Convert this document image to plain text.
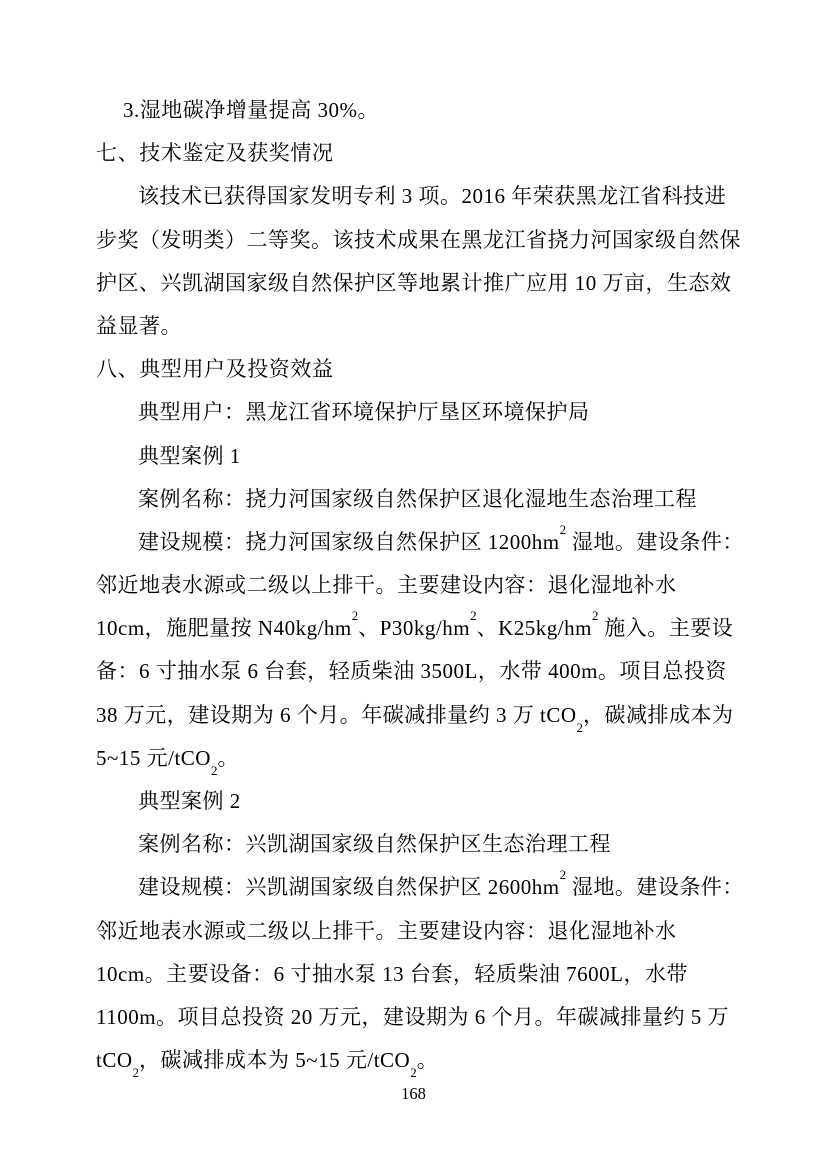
3.湿地碳净增量提高 30%。
七、技术鉴定及获奖情况
该技术已获得国家发明专利 3 项。2016 年荣获黑龙江省科技进
步奖（发明类）二等奖。该技术成果在黑龙江省挠力河国家级自然保
护区、兴凯湖国家级自然保护区等地累计推广应用 10 万亩，生态效
益显著。
八、典型用户及投资效益
典型用户：黑龙江省环境保护厅垦区环境保护局
典型案例 1
案例名称：挠力河国家级自然保护区退化湿地生态治理工程
建设规模：挠力河国家级自然保护区 $1200hm^2$ 湿地。建设条件：
邻近地表水源或二级以上排干。主要建设内容：退化湿地补水
10cm，施肥量按 $N40kg/hm^2$、$P30kg/hm^2$、$K25kg/hm^2$ 施入。主要设
备：6 寸抽水泵 6 台套，轻质柴油 3500L，水带 400m。项目总投资
38 万元，建设期为 6 个月。年碳减排量约 3 万 tCO$_2$，碳减排成本为
5~15 元/tCO$_2$。
典型案例 2
案例名称：兴凯湖国家级自然保护区生态治理工程
建设规模：兴凯湖国家级自然保护区 $2600hm^2$ 湿地。建设条件：
邻近地表水源或二级以上排干。主要建设内容：退化湿地补水
10cm。主要设备：6 寸抽水泵 13 台套，轻质柴油 7600L，水带
1100m。项目总投资 20 万元，建设期为 6 个月。年碳减排量约 5 万
tCO$_2$，碳减排成本为 5~15 元/tCO$_2$。
168
